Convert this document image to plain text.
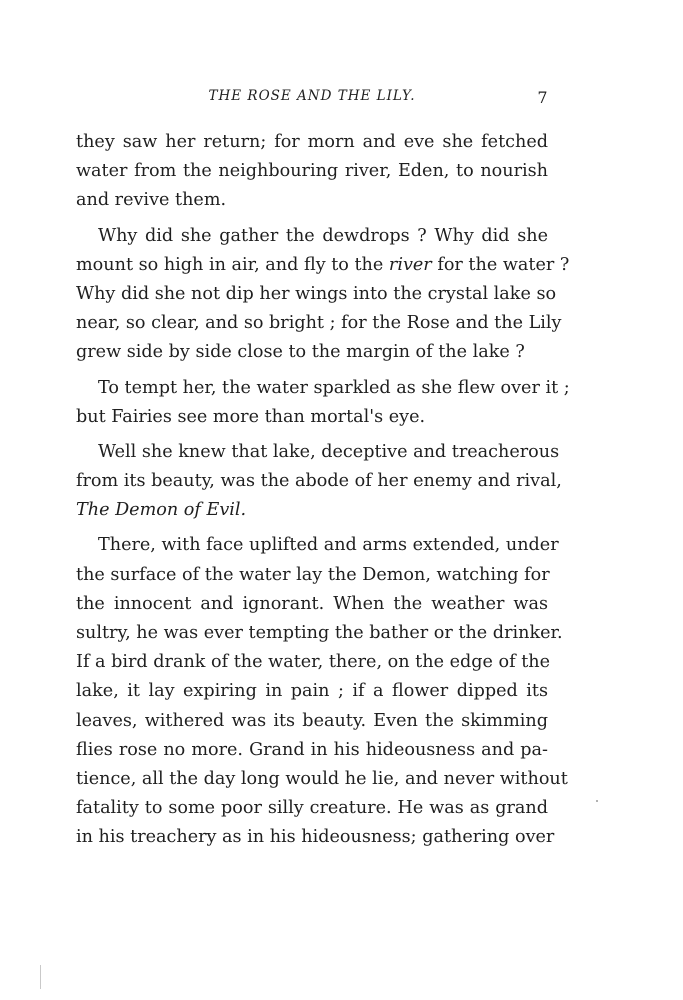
THE ROSE AND THE LILY.	7
they saw her return; for morn and eve she fetched
water from the neighbouring river, Eden, to nourish
and revive them.
Why did she gather the dewdrops ? Why did she
mount so high in air, and fly to the river for the water ?
Why did she not dip her wings into the crystal lake so
near, so clear, and so bright ; for the Rose and the Lily
grew side by side close to the margin of the lake ?
To tempt her, the water sparkled as she flew over it ;
but Fairies see more than mortal's eye.
Well she knew that lake, deceptive and treacherous
from its beauty, was the abode of her enemy and rival,
The Demon of Evil.
There, with face uplifted and arms extended, under
the surface of the water lay the Demon, watching for
the innocent and ignorant. When the weather was
sultry, he was ever tempting the bather or the drinker.
If a bird drank of the water, there, on the edge of the
lake, it lay expiring in pain ; if a flower dipped its
leaves, withered was its beauty. Even the skimming
flies rose no more. Grand in his hideousness and pa-
tience, all the day long would he lie, and never without
fatality to some poor silly creature. He was as grand
in his treachery as in his hideousness; gathering over
